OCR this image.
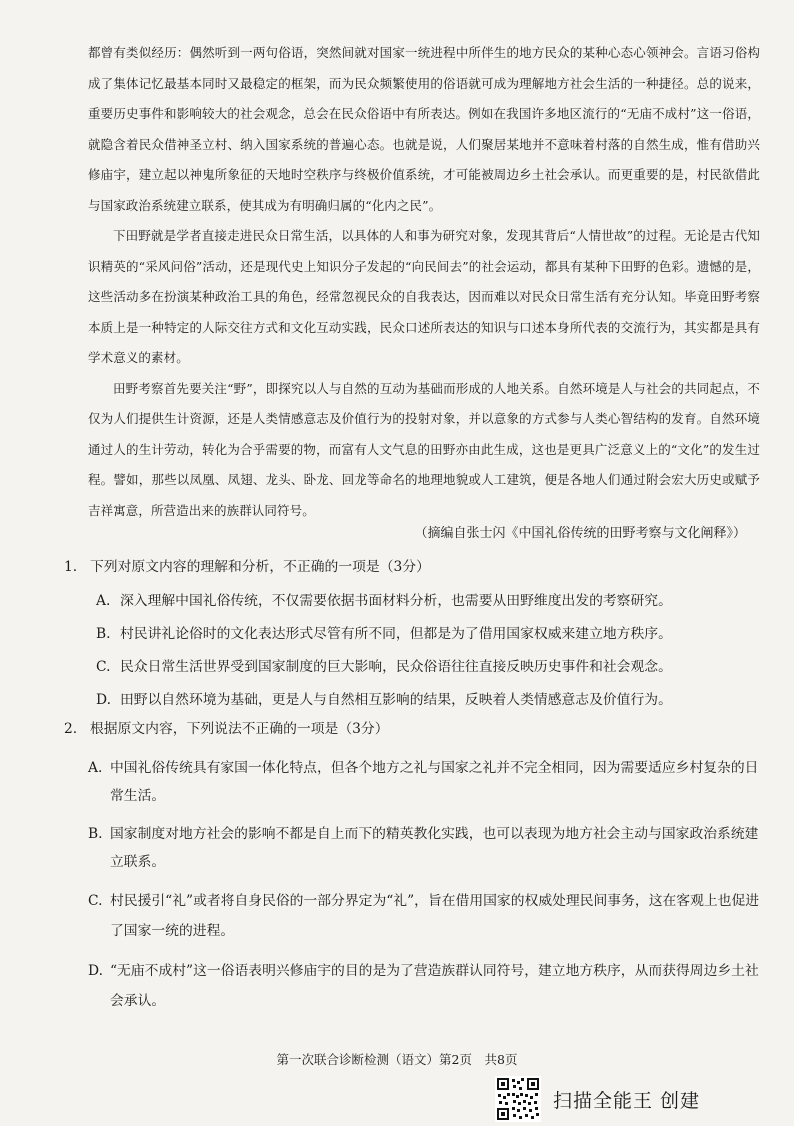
都曾有类似经历：偶然听到一两句俗语，突然间就对国家一统进程中所伴生的地方民众的某种心态心领神会。言语习俗构成了集体记忆最基本同时又最稳定的框架，而为民众频繁使用的俗语就可成为理解地方社会生活的一种捷径。总的说来，重要历史事件和影响较大的社会观念，总会在民众俗语中有所表达。例如在我国许多地区流行的“无庙不成村”这一俗语，就隐含着民众借神圣立村、纳入国家系统的普遍心态。也就是说，人们聚居某地并不意味着村落的自然生成，惟有借助兴修庙宇，建立起以神鬼所象征的天地时空秩序与终极价值系统，才可能被周边乡土社会承认。而更重要的是，村民欲借此与国家政治系统建立联系，使其成为有明确归属的“化内之民”。

下田野就是学者直接走进民众日常生活，以具体的人和事为研究对象，发现其背后“人情世故”的过程。无论是古代知识精英的“采风问俗”活动，还是现代史上知识分子发起的“向民间去”的社会运动，都具有某种下田野的色彩。遗憾的是，这些活动多在扮演某种政治工具的角色，经常忽视民众的自我表达，因而难以对民众日常生活有充分认知。毕竟田野考察本质上是一种特定的人际交往方式和文化互动实践，民众口述所表达的知识与口述本身所代表的交流行为，其实都是具有学术意义的素材。

田野考察首先要关注“野”，即探究以人与自然的互动为基础而形成的人地关系。自然环境是人与社会的共同起点，不仅为人们提供生计资源，还是人类情感意志及价值行为的投射对象，并以意象的方式参与人类心智结构的发育。自然环境通过人的生计劳动，转化为合乎需要的物，而富有人文气息的田野亦由此生成，这也是更具广泛意义上的“文化”的发生过程。譬如，那些以凤凰、凤翅、龙头、卧龙、回龙等命名的地理地貌或人工建筑，便是各地人们通过附会宏大历史或赋予吉祥寓意，所营造出来的族群认同符号。

（摘编自张士闪《中国礼俗传统的田野考察与文化阐释》）
1. 下列对原文内容的理解和分析，不正确的一项是（3分）
A. 深入理解中国礼俗传统，不仅需要依据书面材料分析，也需要从田野维度出发的考察研究。
B. 村民讲礼论俗时的文化表达形式尽管有所不同，但都是为了借用国家权威来建立地方秩序。
C. 民众日常生活世界受到国家制度的巨大影响，民众俗语往往直接反映历史事件和社会观念。
D. 田野以自然环境为基础，更是人与自然相互影响的结果，反映着人类情感意志及价值行为。
2. 根据原文内容，下列说法不正确的一项是（3分）
A. 中国礼俗传统具有家国一体化特点，但各个地方之礼与国家之礼并不完全相同，因为需要适应乡村复杂的日常生活。
B. 国家制度对地方社会的影响不都是自上而下的精英教化实践，也可以表现为地方社会主动与国家政治系统建立联系。
C. 村民援引“礼”或者将自身民俗的一部分界定为“礼”，旨在借用国家的权威处理民间事务，这在客观上也促进了国家一统的进程。
D. “无庙不成村”这一俗语表明兴修庙宇的目的是为了营造族群认同符号，建立地方秩序，从而获得周边乡土社会承认。
第一次联合诊断检测（语文）第2页　共8页
扫描全能王 创建
